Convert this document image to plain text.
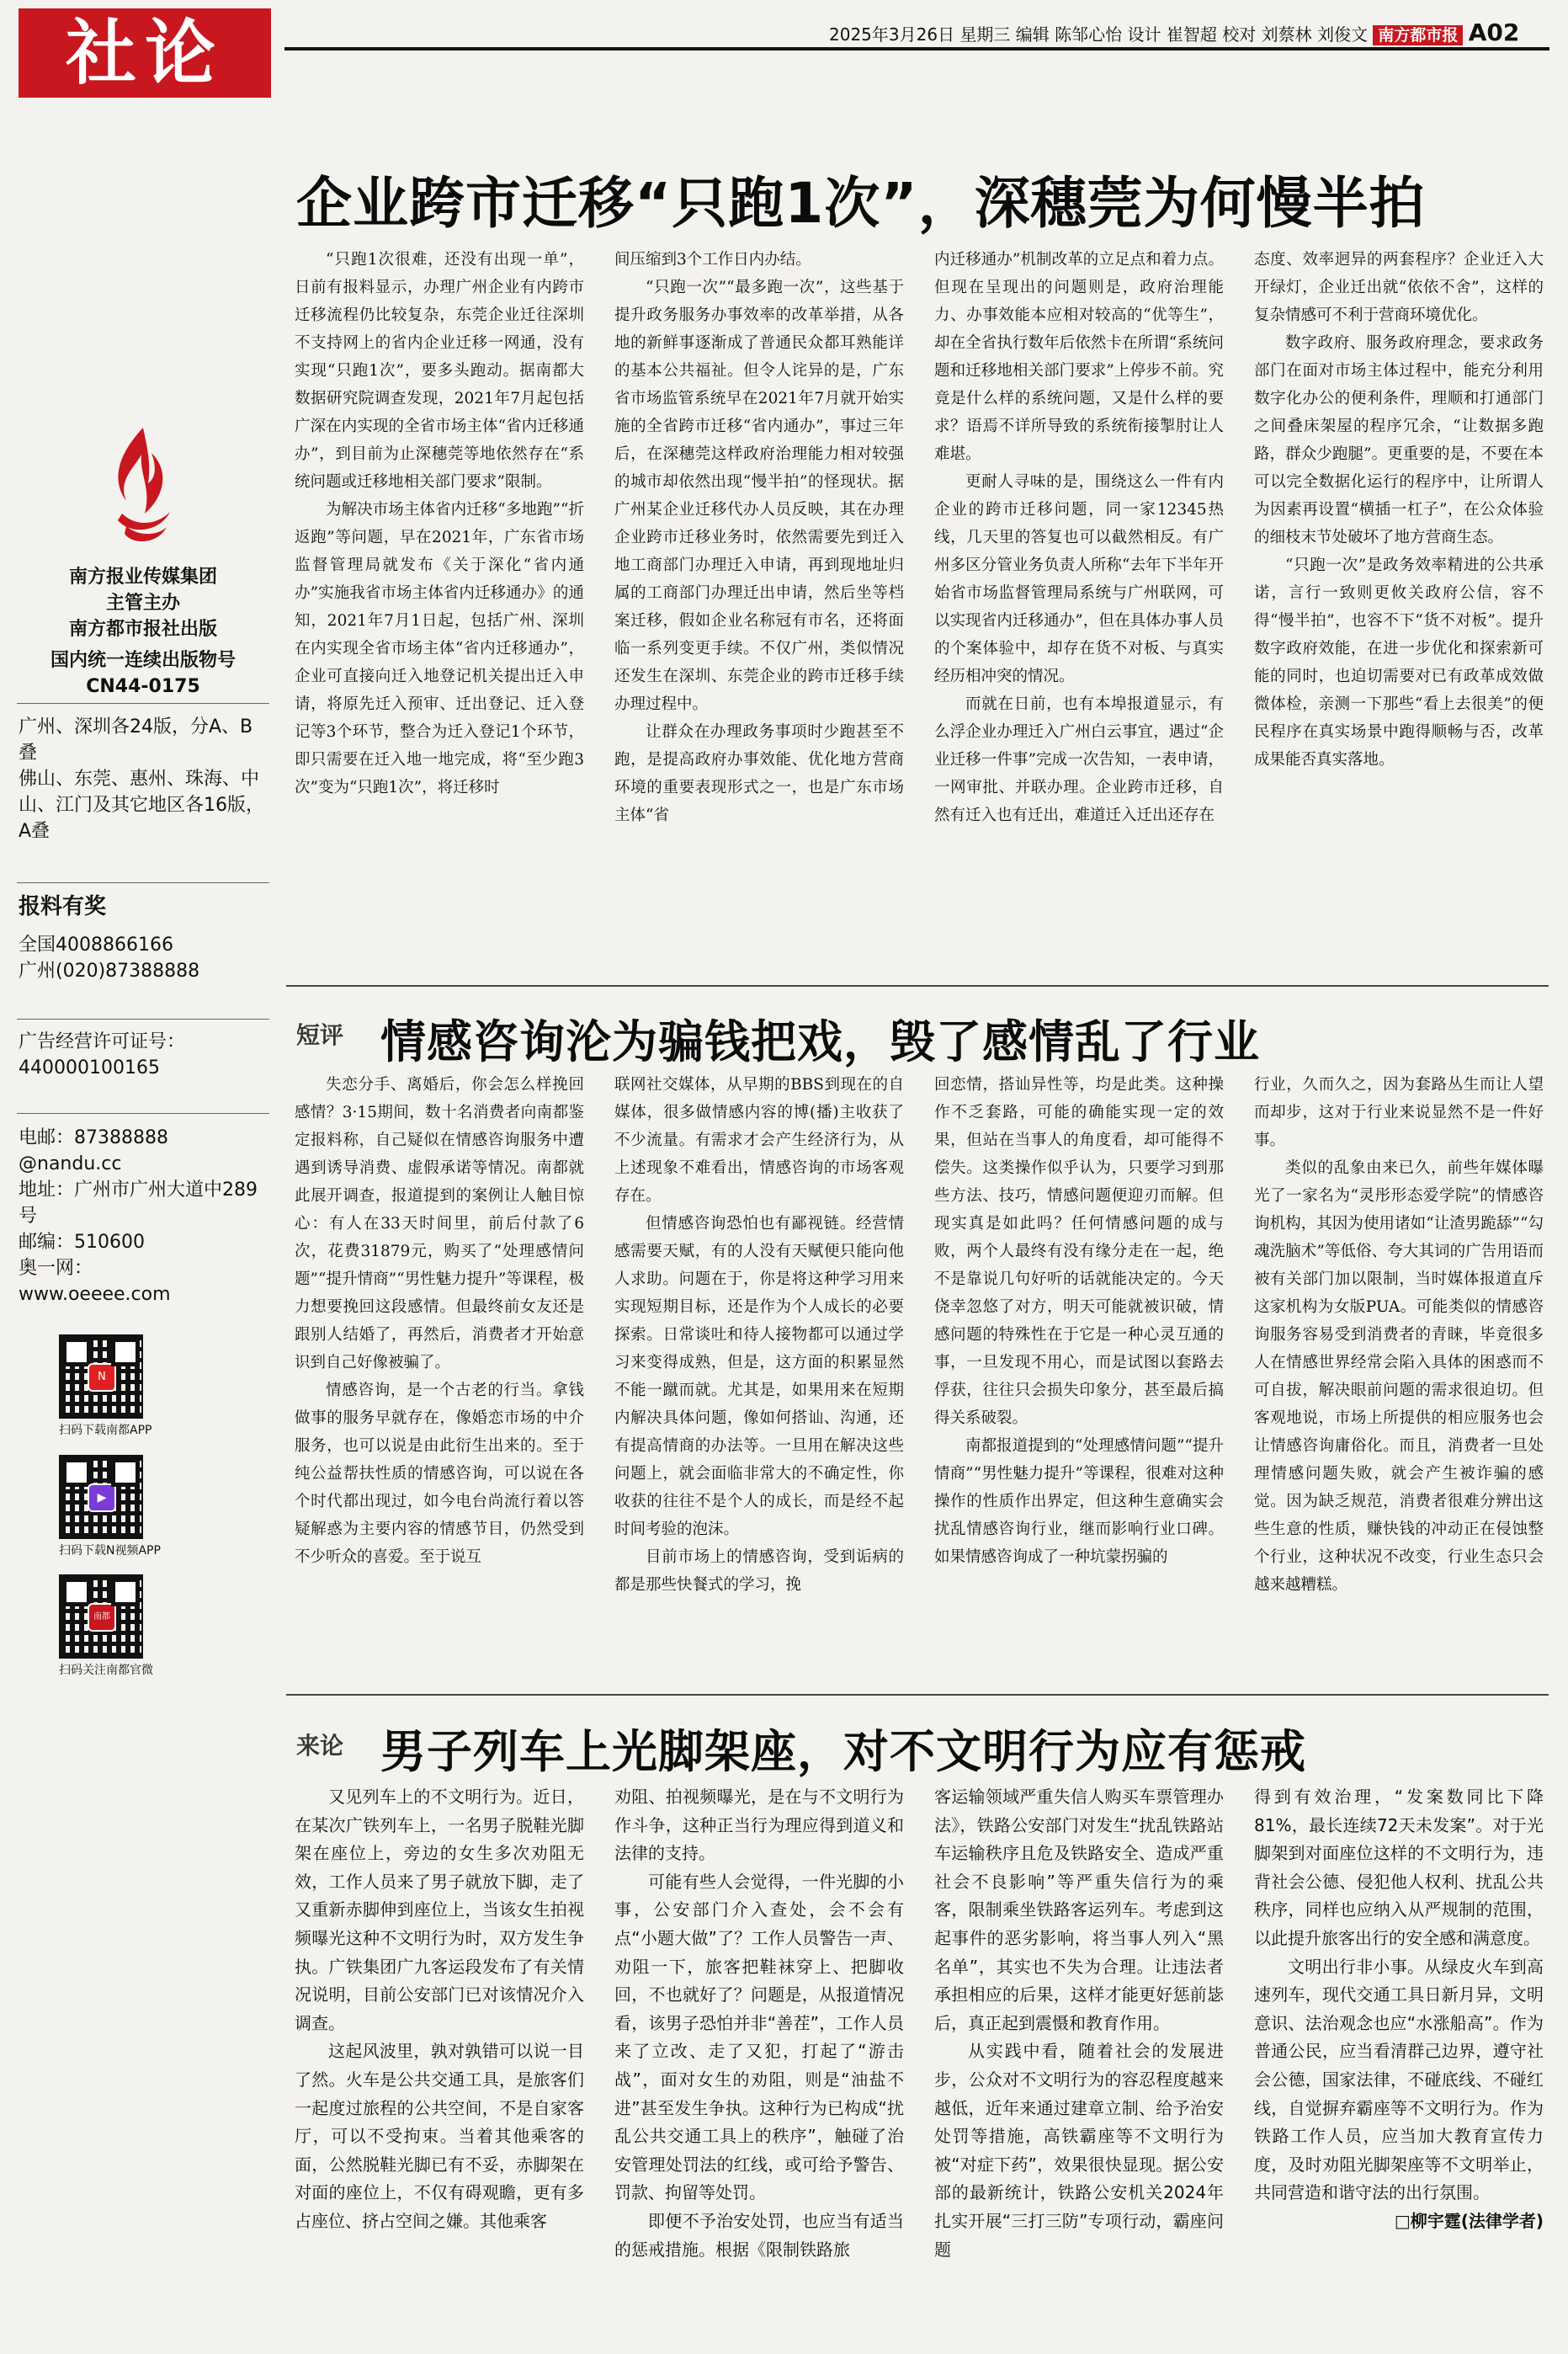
社论	2025年3月26日 星期三 编辑 陈邹心怡 设计 崔智超 校对 刘蔡林 刘俊文 南方都市报 A02
南方报业传媒集团
主管主办
南方都市报社出版
国内统一连续出版物号
CN44-0175
广州、深圳各24版，分A、B叠
佛山、东莞、惠州、珠海、中山、江门及其它地区各16版，A叠
报料有奖
全国4008866166
广州(020)87388888
广告经营许可证号：
440000100165
电邮：87388888
@nandu.cc
地址：广州市广州大道中289号
邮编：510600
奥一网：
www.oeeee.com
N
扫码下载南都APP
▶
扫码下载N视频APP
南都
扫码关注南都官微
企业跨市迁移“只跑1次”，深穗莞为何慢半拍

“只跑1次很难，还没有出现一单”，日前有报料显示，办理广州企业有内跨市迁移流程仍比较复杂，东莞企业迁往深圳不支持网上的省内企业迁移一网通，没有实现“只跑1次”，要多头跑动。据南都大数据研究院调查发现，2021年7月起包括广深在内实现的全省市场主体“省内迁移通办”，到目前为止深穗莞等地依然存在“系统问题或迁移地相关部门要求”限制。

为解决市场主体省内迁移“多地跑”“折返跑”等问题，早在2021年，广东省市场监督管理局就发布《关于深化“省内通办”实施我省市场主体省内迁移通办》的通知，2021年7月1日起，包括广州、深圳在内实现全省市场主体“省内迁移通办”，企业可直接向迁入地登记机关提出迁入申请，将原先迁入预审、迁出登记、迁入登记等3个环节，整合为迁入登记1个环节，即只需要在迁入地一地完成，将“至少跑3次”变为“只跑1次”，将迁移时

间压缩到3个工作日内办结。

“只跑一次”“最多跑一次”，这些基于提升政务服务办事效率的改革举措，从各地的新鲜事逐渐成了普通民众都耳熟能详的基本公共福祉。但令人诧异的是，广东省市场监管系统早在2021年7月就开始实施的全省跨市迁移“省内通办”，事过三年后，在深穗莞这样政府治理能力相对较强的城市却依然出现“慢半拍”的怪现状。据广州某企业迁移代办人员反映，其在办理企业跨市迁移业务时，依然需要先到迁入地工商部门办理迁入申请，再到现地址归属的工商部门办理迁出申请，然后坐等档案迁移，假如企业名称冠有市名，还将面临一系列变更手续。不仅广州，类似情况还发生在深圳、东莞企业的跨市迁移手续办理过程中。

让群众在办理政务事项时少跑甚至不跑，是提高政府办事效能、优化地方营商环境的重要表现形式之一，也是广东市场主体“省

内迁移通办”机制改革的立足点和着力点。但现在呈现出的问题则是，政府治理能力、办事效能本应相对较高的“优等生”，却在全省执行数年后依然卡在所谓“系统问题和迁移地相关部门要求”上停步不前。究竟是什么样的系统问题，又是什么样的要求？语焉不详所导致的系统衔接掣肘让人难堪。

更耐人寻味的是，围绕这么一件有内企业的跨市迁移问题，同一家12345热线，几天里的答复也可以截然相反。有广州多区分管业务负责人所称“去年下半年开始省市场监督管理局系统与广州联网，可以实现省内迁移通办”，但在具体办事人员的个案体验中，却存在货不对板、与真实经历相冲突的情况。

而就在日前，也有本埠报道显示，有么浮企业办理迁入广州白云事宜，遇过“企业迁移一件事”完成一次告知，一表申请，一网审批、并联办理。企业跨市迁移，自然有迁入也有迁出，难道迁入迁出还存在

态度、效率迥异的两套程序？企业迁入大开绿灯，企业迁出就“依依不舍”，这样的复杂情感可不利于营商环境优化。

数字政府、服务政府理念，要求政务部门在面对市场主体过程中，能充分利用数字化办公的便利条件，理顺和打通部门之间叠床架屋的程序冗余，“让数据多跑路，群众少跑腿”。更重要的是，不要在本可以完全数据化运行的程序中，让所谓人为因素再设置“横插一杠子”，在公众体验的细枝末节处破坏了地方营商生态。

“只跑一次”是政务效率精进的公共承诺，言行一致则更攸关政府公信，容不得“慢半拍”，也容不下“货不对板”。提升数字政府效能，在进一步优化和探索新可能的同时，也迫切需要对已有政革成效做微体检，亲测一下那些“看上去很美”的便民程序在真实场景中跑得顺畅与否，改革成果能否真实落地。

短评 情感咨询沦为骗钱把戏，毁了感情乱了行业

失恋分手、离婚后，你会怎么样挽回感情？3·15期间，数十名消费者向南都鉴定报料称，自己疑似在情感咨询服务中遭遇到诱导消费、虚假承诺等情况。南都就此展开调查，报道提到的案例让人触目惊心：有人在33天时间里，前后付款了6次，花费31879元，购买了“处理感情问题”“提升情商”“男性魅力提升”等课程，极力想要挽回这段感情。但最终前女友还是跟别人结婚了，再然后，消费者才开始意识到自己好像被骗了。

情感咨询，是一个古老的行当。拿钱做事的服务早就存在，像婚恋市场的中介服务，也可以说是由此衍生出来的。至于纯公益帮扶性质的情感咨询，可以说在各个时代都出现过，如今电台尚流行着以答疑解惑为主要内容的情感节目，仍然受到不少听众的喜爱。至于说互

联网社交媒体，从早期的BBS到现在的自媒体，很多做情感内容的博(播)主收获了不少流量。有需求才会产生经济行为，从上述现象不难看出，情感咨询的市场客观存在。

但情感咨询恐怕也有鄙视链。经营情感需要天赋，有的人没有天赋便只能向他人求助。问题在于，你是将这种学习用来实现短期目标，还是作为个人成长的必要探索。日常谈吐和待人接物都可以通过学习来变得成熟，但是，这方面的积累显然不能一蹴而就。尤其是，如果用来在短期内解决具体问题，像如何搭讪、沟通，还有提高情商的办法等。一旦用在解决这些问题上，就会面临非常大的不确定性，你收获的往往不是个人的成长，而是经不起时间考验的泡沫。

目前市场上的情感咨询，受到诟病的都是那些快餐式的学习，挽

回恋情，搭讪异性等，均是此类。这种操作不乏套路，可能的确能实现一定的效果，但站在当事人的角度看，却可能得不偿失。这类操作似乎认为，只要学习到那些方法、技巧，情感问题便迎刃而解。但现实真是如此吗？任何情感问题的成与败，两个人最终有没有缘分走在一起，绝不是靠说几句好听的话就能决定的。今天侥幸忽悠了对方，明天可能就被识破，情感问题的特殊性在于它是一种心灵互通的事，一旦发现不用心，而是试图以套路去俘获，往往只会损失印象分，甚至最后搞得关系破裂。

南都报道提到的“处理感情问题”“提升情商”“男性魅力提升”等课程，很难对这种操作的性质作出界定，但这种生意确实会扰乱情感咨询行业，继而影响行业口碑。如果情感咨询成了一种坑蒙拐骗的

行业，久而久之，因为套路丛生而让人望而却步，这对于行业来说显然不是一件好事。

类似的乱象由来已久，前些年媒体曝光了一家名为“灵彤形态爱学院”的情感咨询机构，其因为使用诸如“让渣男跪舔”“勾魂洗脑术”等低俗、夸大其词的广告用语而被有关部门加以限制，当时媒体报道直斥这家机构为女版PUA。可能类似的情感咨询服务容易受到消费者的青睐，毕竟很多人在情感世界经常会陷入具体的困惑而不可自拔，解决眼前问题的需求很迫切。但客观地说，市场上所提供的相应服务也会让情感咨询庸俗化。而且，消费者一旦处理情感问题失败，就会产生被诈骗的感觉。因为缺乏规范，消费者很难分辨出这些生意的性质，赚快钱的冲动正在侵蚀整个行业，这种状况不改变，行业生态只会越来越糟糕。

来论 男子列车上光脚架座，对不文明行为应有惩戒

又见列车上的不文明行为。近日，在某次广铁列车上，一名男子脱鞋光脚架在座位上，旁边的女生多次劝阻无效，工作人员来了男子就放下脚，走了又重新赤脚伸到座位上，当该女生拍视频曝光这种不文明行为时，双方发生争执。广铁集团广九客运段发布了有关情况说明，目前公安部门已对该情况介入调查。

这起风波里，孰对孰错可以说一目了然。火车是公共交通工具，是旅客们一起度过旅程的公共空间，不是自家客厅，可以不受拘束。当着其他乘客的面，公然脱鞋光脚已有不妥，赤脚架在对面的座位上，不仅有碍观瞻，更有多占座位、挤占空间之嫌。其他乘客

劝阻、拍视频曝光，是在与不文明行为作斗争，这种正当行为理应得到道义和法律的支持。

可能有些人会觉得，一件光脚的小事，公安部门介入查处，会不会有点“小题大做”了？工作人员警告一声、劝阻一下，旅客把鞋袜穿上、把脚收回，不也就好了？问题是，从报道情况看，该男子恐怕并非“善茬”，工作人员来了立改、走了又犯，打起了“游击战”，面对女生的劝阻，则是“油盐不进”甚至发生争执。这种行为已构成“扰乱公共交通工具上的秩序”，触碰了治安管理处罚法的红线，或可给予警告、罚款、拘留等处罚。

即便不予治安处罚，也应当有适当的惩戒措施。根据《限制铁路旅

客运输领域严重失信人购买车票管理办法》，铁路公安部门对发生“扰乱铁路站车运输秩序且危及铁路安全、造成严重社会不良影响”等严重失信行为的乘客，限制乘坐铁路客运列车。考虑到这起事件的恶劣影响，将当事人列入“黑名单”，其实也不失为合理。让违法者承担相应的后果，这样才能更好惩前毖后，真正起到震慑和教育作用。

从实践中看，随着社会的发展进步，公众对不文明行为的容忍程度越来越低，近年来通过建章立制、给予治安处罚等措施，高铁霸座等不文明行为被“对症下药”，效果很快显现。据公安部的最新统计，铁路公安机关2024年扎实开展“三打三防”专项行动，霸座问题

得到有效治理，“发案数同比下降81%，最长连续72天未发案”。对于光脚架到对面座位这样的不文明行为，违背社会公德、侵犯他人权利、扰乱公共秩序，同样也应纳入从严规制的范围，以此提升旅客出行的安全感和满意度。

文明出行非小事。从绿皮火车到高速列车，现代交通工具日新月异，文明意识、法治观念也应“水涨船高”。作为普通公民，应当看清群己边界，遵守社会公德，国家法律，不碰底线、不碰红线，自觉摒弃霸座等不文明行为。作为铁路工作人员，应当加大教育宣传力度，及时劝阻光脚架座等不文明举止，共同营造和谐守法的出行氛围。

□柳宇霆(法律学者)
